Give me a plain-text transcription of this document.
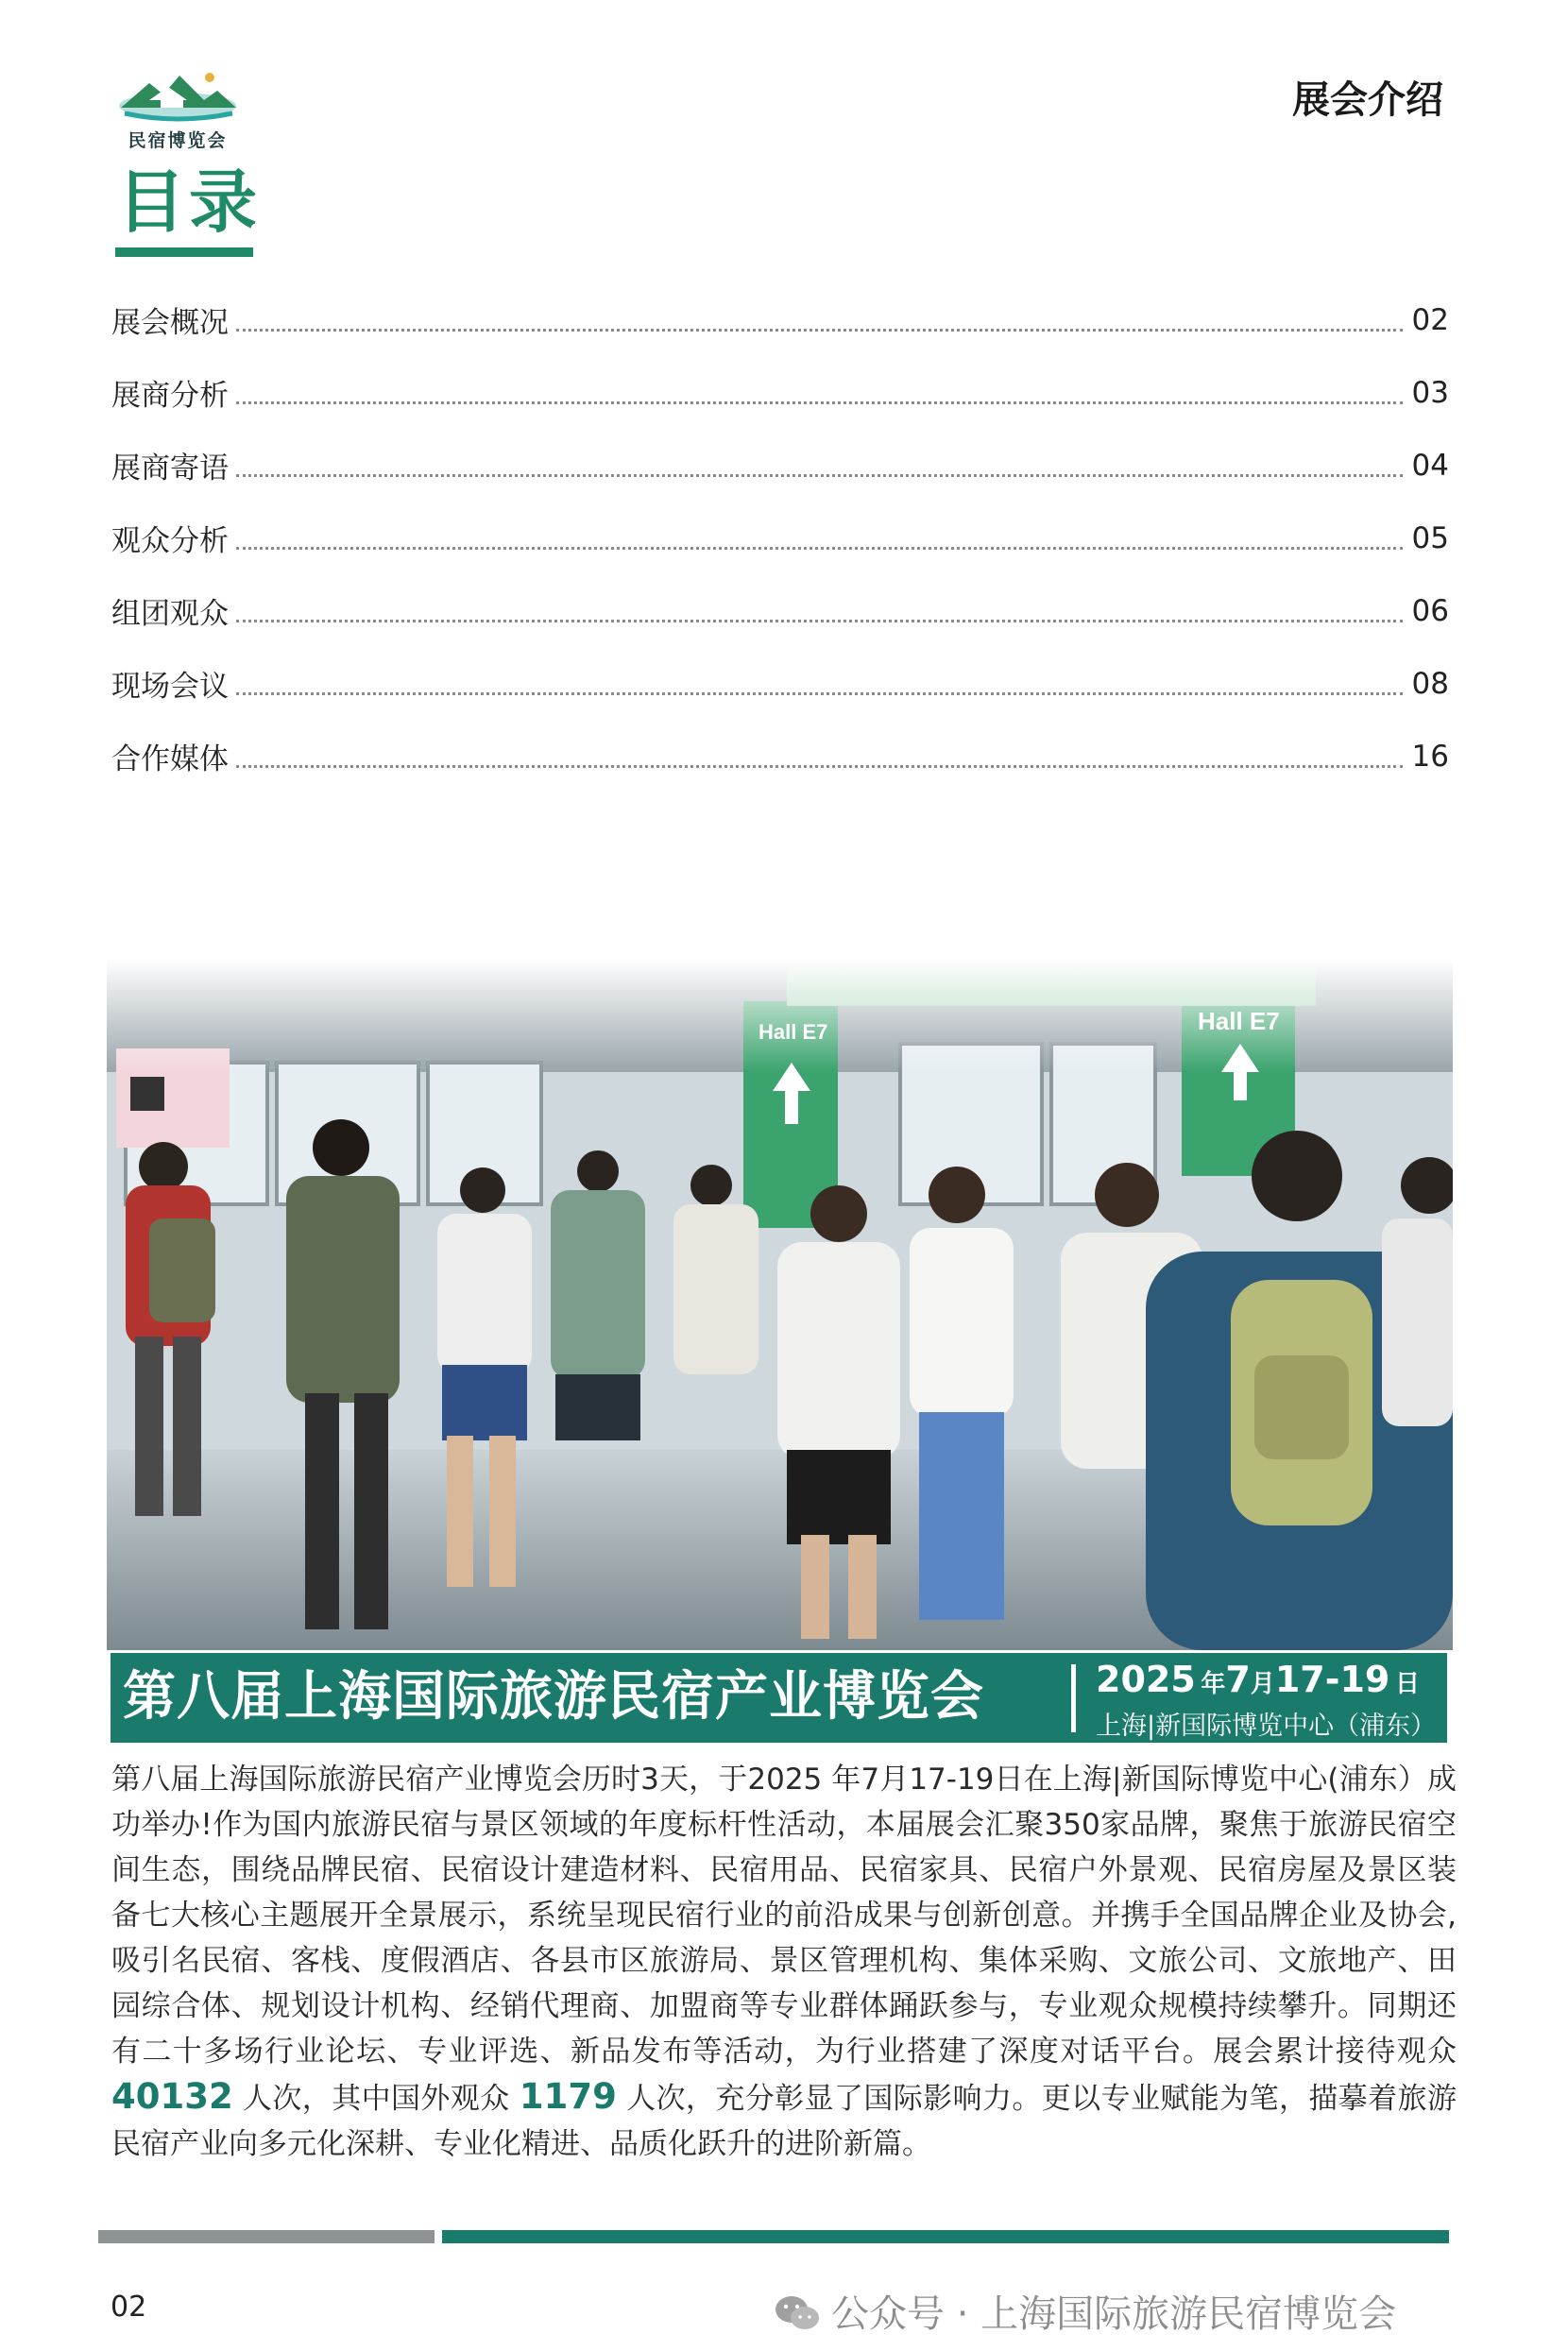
民宿博览会
展会介绍
目录
展会概况	02
展商分析	03
展商寄语	04
观众分析	05
组团观众	06
现场会议	08
合作媒体	16
第八届上海国际旅游民宿产业博览会	2025 年7月17-19 日
上海|新国际博览中心（浦东）
第八届上海国际旅游民宿产业博览会历时3天，于2025 年7月17-19日在上海|新国际博览中心(浦东）成功举办!作为国内旅游民宿与景区领域的年度标杆性活动，本届展会汇聚350家品牌，聚焦于旅游民宿空间生态，围绕品牌民宿、民宿设计建造材料、民宿用品、民宿家具、民宿户外景观、民宿房屋及景区装备七大核心主题展开全景展示，系统呈现民宿行业的前沿成果与创新创意。并携手全国品牌企业及协会,吸引名民宿、客栈、度假酒店、各县市区旅游局、景区管理机构、集体采购、文旅公司、文旅地产、田园综合体、规划设计机构、经销代理商、加盟商等专业群体踊跃参与，专业观众规模持续攀升。同期还有二十多场行业论坛、专业评选、新品发布等活动，为行业搭建了深度对话平台。展会累计接待观众 40132 人次，其中国外观众 1179 人次，充分彰显了国际影响力。更以专业赋能为笔，描摹着旅游民宿产业向多元化深耕、专业化精进、品质化跃升的进阶新篇。
02	公众号 · 上海国际旅游民宿博览会
